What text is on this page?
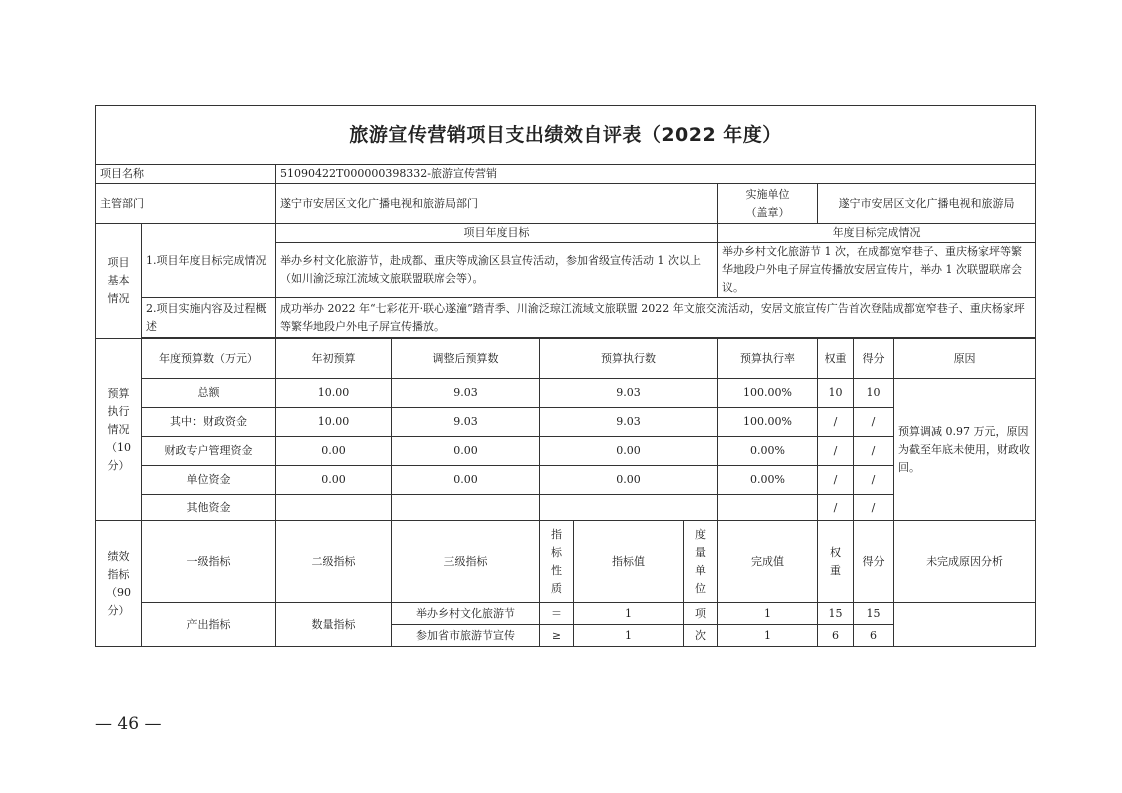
旅游宣传营销项目支出绩效自评表（2022 年度）										
项目名称		51090422T000000398332-旅游宣传营销								
主管部门		遂宁市安居区文化广播电视和旅游局部门					实施单位
（盖章）	遂宁市安居区文化广播电视和旅游局		

项目
基本
情况	1.项目年度目标完成情况	项目年度目标					年度目标完成情况			
		举办乡村文化旅游节，赴成都、重庆等成渝区县宣传活动，参加省级宣传活动 1 次以上（如川渝泛琼江流域文旅联盟联席会等）。					举办乡村文化旅游节 1 次，在成都宽窄巷子、重庆杨家坪等繁华地段户外电子屏宣传播放安居宣传片，举办 1 次联盟联席会议。			
	2.项目实施内容及过程概述	成功举办 2022 年“七彩花开·联心遂潼”踏青季、川渝泛琼江流域文旅联盟 2022 年文旅交流活动，安居文旅宣传广告首次登陆成都宽窄巷子、重庆杨家坪等繁华地段户外电子屏宣传播放。								

预算
执行
情况
（10
分）	年度预算数（万元）	年初预算	调整后预算数	预算执行数			预算执行率	权重	得分	原因
	总额	10.00	9.03	9.03			100.00%	10	10	预算调减 0.97 万元，原因为截至年底未使用，财政收回。
	其中：财政资金	10.00	9.03	9.03			100.00%	/	/	
	财政专户管理资金	0.00	0.00	0.00			0.00%	/	/	
	单位资金	0.00	0.00	0.00			0.00%	/	/	
	其他资金							/	/	

绩效
指标
（90
分）	一级指标	二级指标	三级指标	指标性质	指标值	度量单位	完成值	权重	得分	未完成原因分析
	产出指标	数量指标	举办乡村文化旅游节	＝	1	项	1	15	15	
			参加省市旅游节宣传	≥	1	次	1	6	6	
— 46 —
